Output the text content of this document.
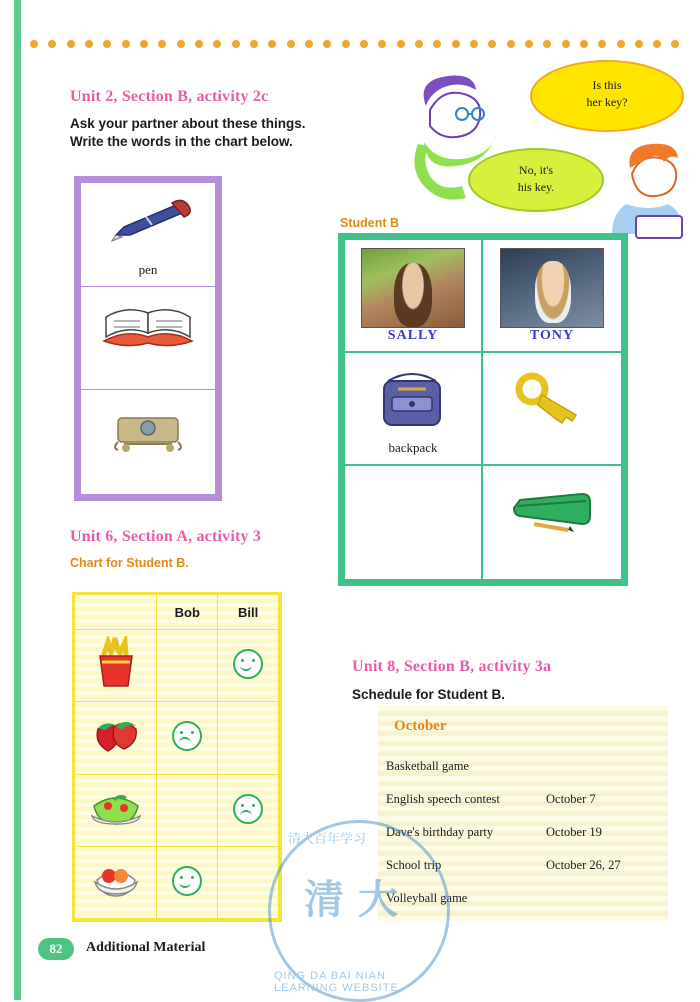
Unit 2, Section B, activity 2c
Ask your partner about these things.
Write the words in the chart below.
Is this
her key?
No, it's
his key.
pen
Student B
SALLY	TONY
backpack
Unit 6, Section A, activity 3
Chart for Student B.
	Bob	Bill

Unit 8, Section B, activity 3a
Schedule for Student B.
October
Basketball game
English speech contest	October 7
Dave's birthday party	October 19
School trip	October 26, 27
Volleyball game
清大百年学习
清 大
QING DA BAI NIAN LEARNING WEBSITE
82	Additional Material
